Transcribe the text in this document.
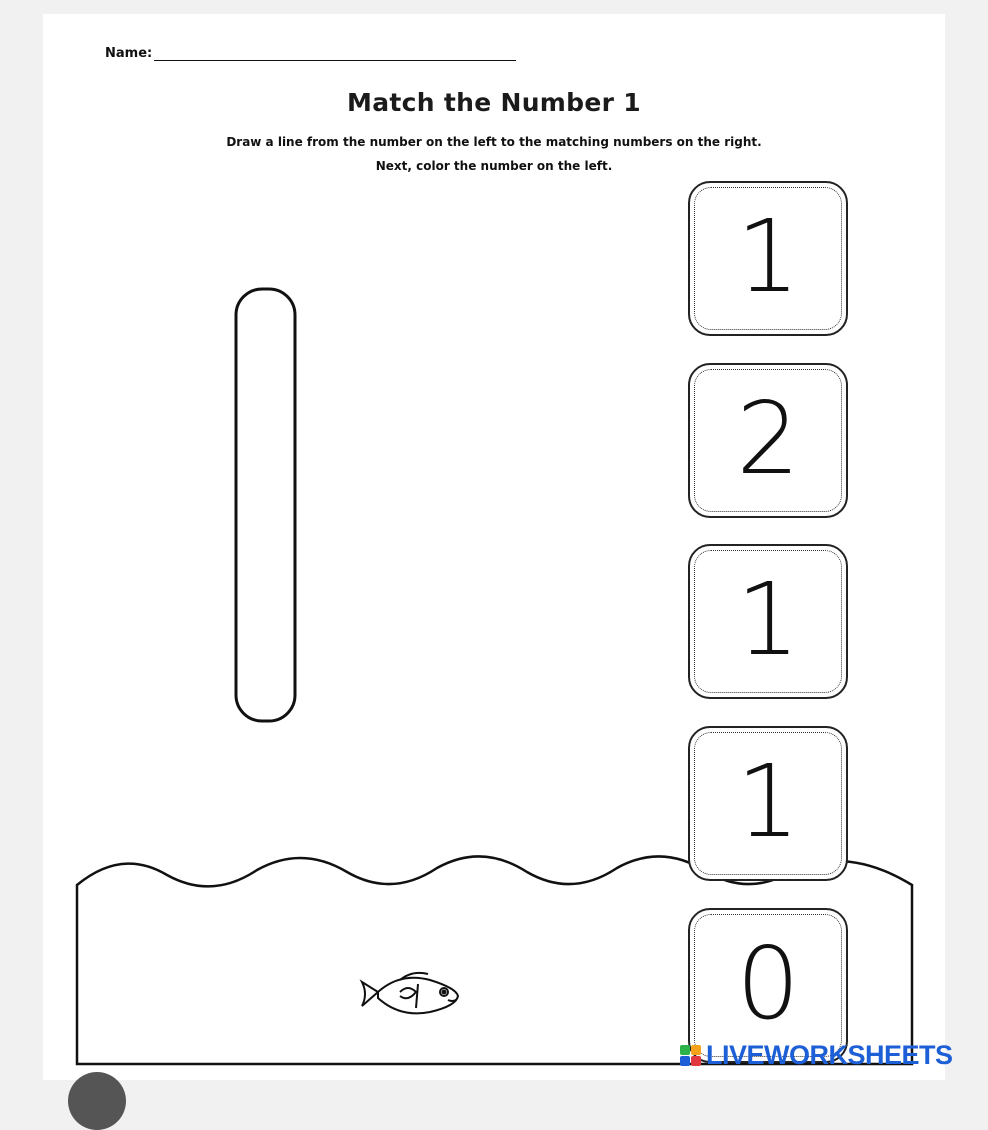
Name:
Match the Number 1
Draw a line from the number on the left to the matching numbers on the right.
Next, color the number on the left.
1
2
1
1
0
LIVEWORKSHEETS
